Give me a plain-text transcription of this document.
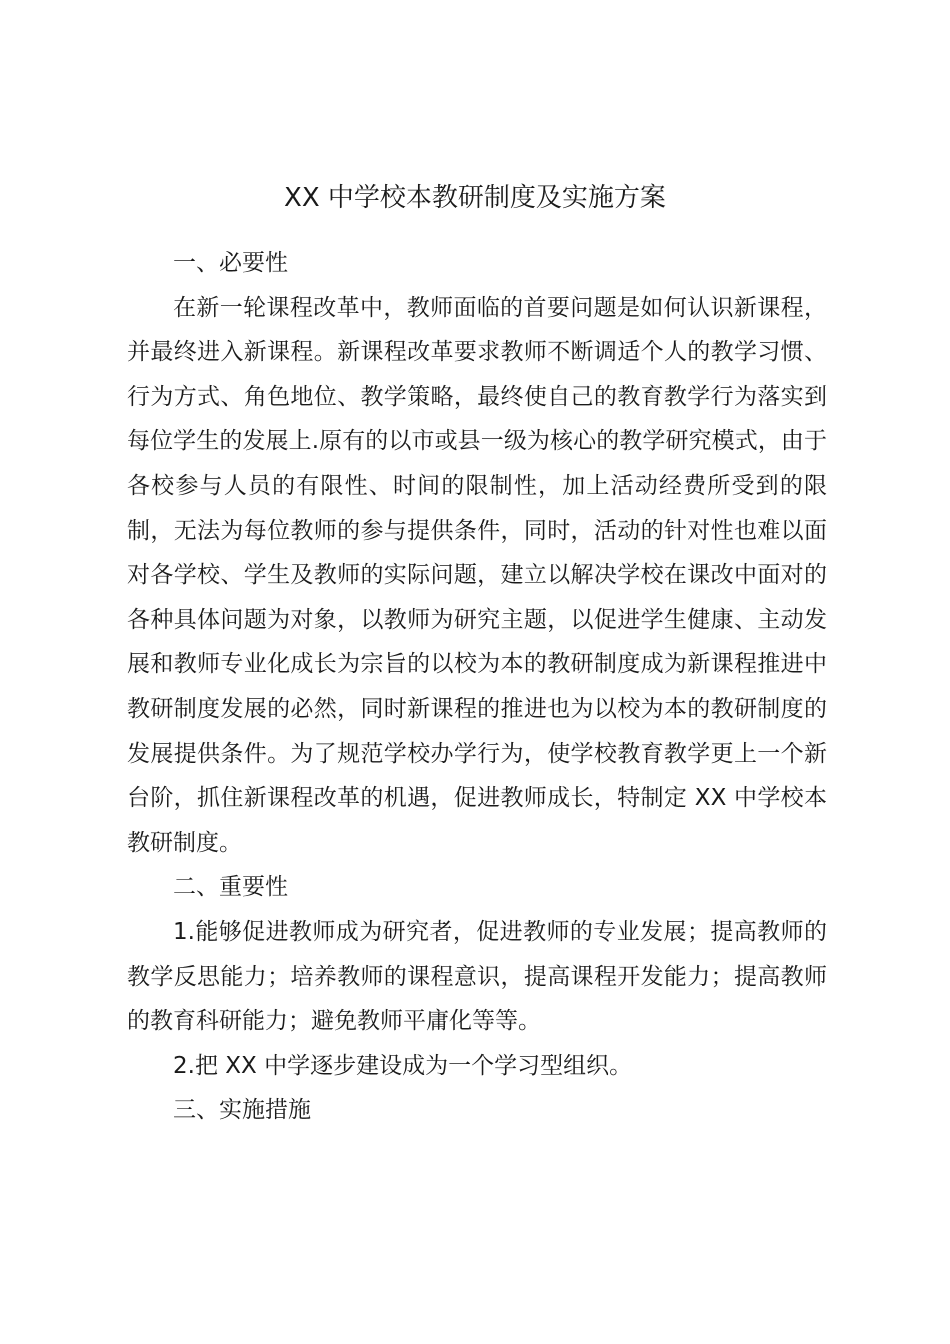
XX 中学校本教研制度及实施方案

一、必要性

在新一轮课程改革中，教师面临的首要问题是如何认识新课程，并最终进入新课程。新课程改革要求教师不断调适个人的教学习惯、行为方式、角色地位、教学策略，最终使自己的教育教学行为落实到每位学生的发展上.原有的以市或县一级为核心的教学研究模式，由于各校参与人员的有限性、时间的限制性，加上活动经费所受到的限制，无法为每位教师的参与提供条件，同时，活动的针对性也难以面对各学校、学生及教师的实际问题，建立以解决学校在课改中面对的各种具体问题为对象，以教师为研究主题，以促进学生健康、主动发展和教师专业化成长为宗旨的以校为本的教研制度成为新课程推进中教研制度发展的必然，同时新课程的推进也为以校为本的教研制度的发展提供条件。为了规范学校办学行为，使学校教育教学更上一个新台阶，抓住新课程改革的机遇，促进教师成长，特制定 XX 中学校本教研制度。

二、重要性

1.能够促进教师成为研究者，促进教师的专业发展；提高教师的教学反思能力；培养教师的课程意识，提高课程开发能力；提高教师的教育科研能力；避免教师平庸化等等。

2.把 XX 中学逐步建设成为一个学习型组织。

三、实施措施
